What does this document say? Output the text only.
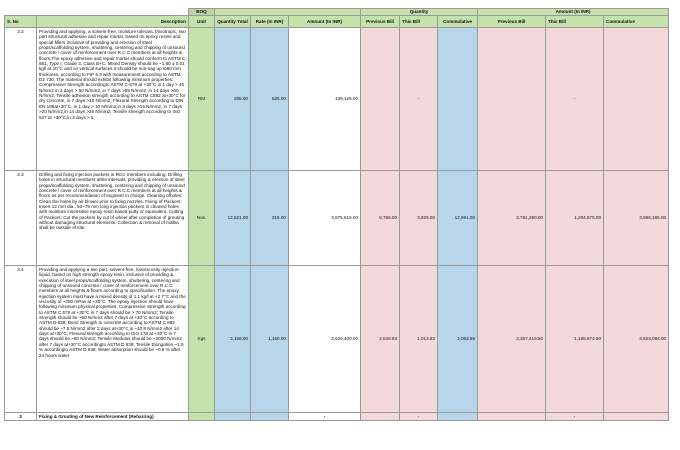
		BOQ				Quantity			Amount (In INR)		
S. No	Description	Unit	Quantity Total	Rate (In INR)	Amount (In INR)	Previous Bill	This Bill	Commulative	Previous Bill	This Bill	Commulative
2.2	Providing and applying, a solvent-free, moisture tolerant, thixotropic, two part structural adhesive and repair mortar, based on epoxy resins and special fillers inclusive of providing and erection of steel props/scaffolding system, shuttering, centering and chipping of unsound concrete / cover of reinforcement over R.C.C members at all heights & floors.The epoxy adhesive and repair mortar should conform to ASTM C 881, Type I, Grade 3, Class B+C. Mixed Density should be ~1.80 ± 0.01 kg/l at 30°C and on vertical surfaces it should be non-sag up to60 mm thickness, according to FIP 5.3 with measurement according to ASTM D2 730. The material should exhibit following minimum properties: Compressive Strength accordingto ASTM C-579 at +30°C in 1 day > 45 N/mm2 in 3 days > 50 N/mm2, in 7 days >55 N/mm2, in 14 days >60 N/mm2; Tensile adhesion strength according to ASTM C882 at+30°C for dry concrete, in 7 days >10 N/mm2; Flexural Strength according to DIN EN 196at+30°C, in 1 day > 10 N/mm2,in 3 days >15 N/mm2, in 7 days >20 N/mm2,in 14 days >25 N/mm2; Tensile strength according to ISO 527 at +30°C,in 3 days > 5	RM	265.00	525.00	139,125.00		-			-	
2.3	Drilling and fixing injection packers in RCC members including, Drilling holes in structural members atthe intervals, providing & erection of steel props/scaffolding system, shuttering, centering and chipping of unsound concrete / cover of reinforcement over R.C.C members at all heights & floors as per recommendation of engineer in charge. Cleaning ofholes: Clean the holes by air blower prior to fixing nozzles. Fixing of Packers: Insert 12 mm dia., 50~75 mm long injection packers in cleaned holes with moisture insensitive epoxy resin based putty or equivalent. Cutting of Packers: Cut the packers by cut of wheel after completion of grouting without damaging structural elements. Collection & removal of malba shall be outside of site.	Nos.	12,621.00	315.00	3,975,615.00	8,766.00	3,825.00	12,591.00	2,761,290.00	1,204,875.00	3,966,165.00
2.4	Providing and applying a two part, solvent-free, lowviscosity injection-liquid, based on high strength epoxy resin, inclusive of providing & execution of steel props/scaffolding system, shuttering, centering and chipping of unsound concrete / cover of reinforcement over R.C.C members at all heights & floors according to specification. The epoxy injection system must have a mixed density of 1.1 kg/l at +2 7°C and the viscosity of ~250 mPas at +30°C. The epoxy injection should have following minimum physical properties: Compressive Strength according to ASTM C 579 at +30°C in 7 days should be > 70 N/mm2; Tensile Strength should be ~50 N/mm2 after 7 days at +30°C according to ASTM D 638; Bond Strength to concrete according to ASTM C 882 should be ~7.5 N/mm2 after 2 days at+30°C & ~10.8 N/mm2 after 14 days at+30°C; Flexural strength according to ISO 178 at +30°C in 7 days should be ~50 N/mm2; Tensile Modulus should be ~2000 N/mm2 after 7 days at+30°C accordingto ASTM D 638; Tensile Elongation ~1.9 % accordingto ASTM D 638; Water absorption should be ~0.6 % after 24 hours water	Kgs	3,156.00	1,150.00	3,629,400.00	2,049.93	1,013.63	3,063.56	2,357,419.50	1,165,674.50	3,523,094.00
3	Fixing & Grouting of New Reinforcement (Rebarring)				-		-			-	
